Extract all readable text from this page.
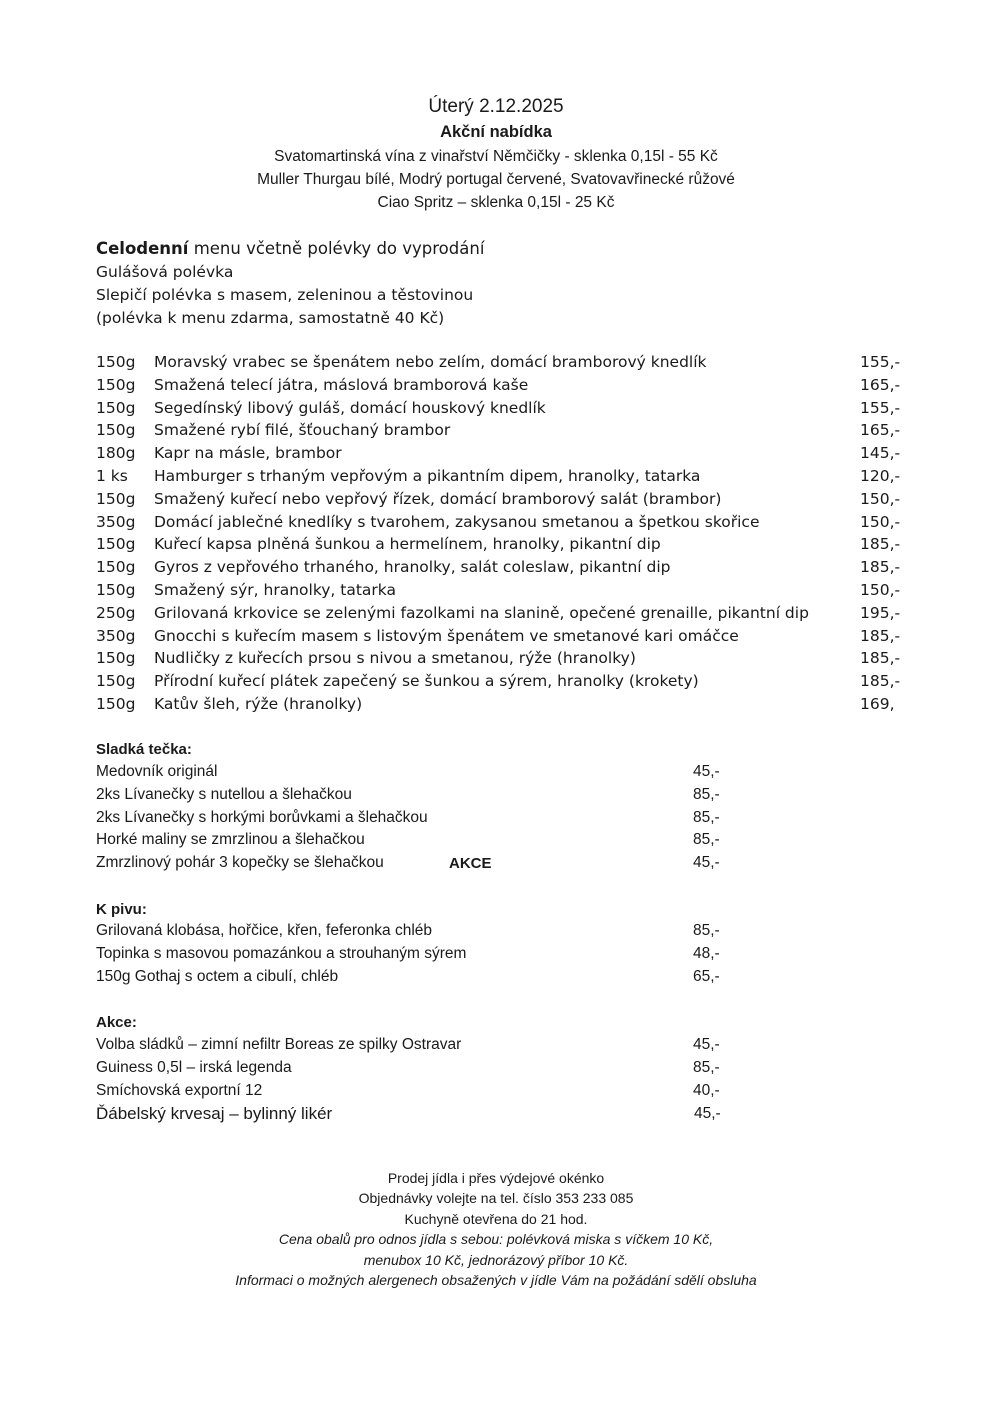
Úterý 2.12.2025
Akční nabídka
Svatomartinská vína z vinařství Němčičky - sklenka 0,15l - 55 Kč
Muller Thurgau bílé, Modrý portugal červené, Svatovavřinecké růžové
Ciao Spritz – sklenka 0,15l - 25 Kč
Celodenní menu včetně polévky do vyprodání
Gulášová polévka
Slepičí polévka s masem, zeleninou a těstovinou
(polévka k menu zdarma, samostatně 40 Kč)
150g Moravský vrabec se špenátem nebo zelím, domácí bramborový knedlík	155,-
150g Smažená telecí játra, máslová bramborová kaše	165,-
150g Segedínský libový guláš, domácí houskový knedlík	155,-
150g Smažené rybí filé, šťouchaný brambor	165,-
180g Kapr na másle, brambor	145,-
1 ks Hamburger s trhaným vepřovým a pikantním dipem, hranolky, tatarka	120,-
150g Smažený kuřecí nebo vepřový řízek, domácí bramborový salát (brambor)	150,-
350g Domácí jablečné knedlíky s tvarohem, zakysanou smetanou a špetkou skořice	150,-
150g Kuřecí kapsa plněná šunkou a hermelínem, hranolky, pikantní dip	185,-
150g Gyros z vepřového trhaného, hranolky, salát coleslaw, pikantní dip	185,-
150g Smažený sýr, hranolky, tatarka	150,-
250g Grilovaná krkovice se zelenými fazolkami na slanině, opečené grenaille, pikantní dip	195,-
350g Gnocchi s kuřecím masem s listovým špenátem ve smetanové kari omáčce	185,-
150g Nudličky z kuřecích prsou s nivou a smetanou, rýže (hranolky)	185,-
150g Přírodní kuřecí plátek zapečený se šunkou a sýrem, hranolky (krokety)	185,-
150g Katův šleh, rýže (hranolky)	169,
Sladká tečka:
Medovník originál	45,-
2ks Lívanečky s nutellou a šlehačkou	85,-
2ks Lívanečky s horkými borůvkami a šlehačkou	85,-
Horké maliny se zmrzlinou a šlehačkou	85,-
Zmrzlinový pohár 3 kopečky se šlehačkou	AKCE	45,-
K pivu:
Grilovaná klobása, hořčice, křen, feferonka chléb	85,-
Topinka s masovou pomazánkou a strouhaným sýrem	48,-
150g Gothaj s octem a cibulí, chléb	65,-
Akce:
Volba sládků – zimní nefiltr Boreas ze spilky Ostravar	45,-
Guiness 0,5l – irská legenda	85,-
Smíchovská exportní 12	40,-
Ďábelský krvesaj – bylinný likér	45,-
Prodej jídla i přes výdejové okénko
Objednávky volejte na tel. číslo 353 233 085
Kuchyně otevřena do 21 hod.
Cena obalů pro odnos jídla s sebou: polévková miska s víčkem 10 Kč,
menubox 10 Kč, jednorázový příbor 10 Kč.
Informaci o možných alergenech obsažených v jídle Vám na požádání sdělí obsluha
